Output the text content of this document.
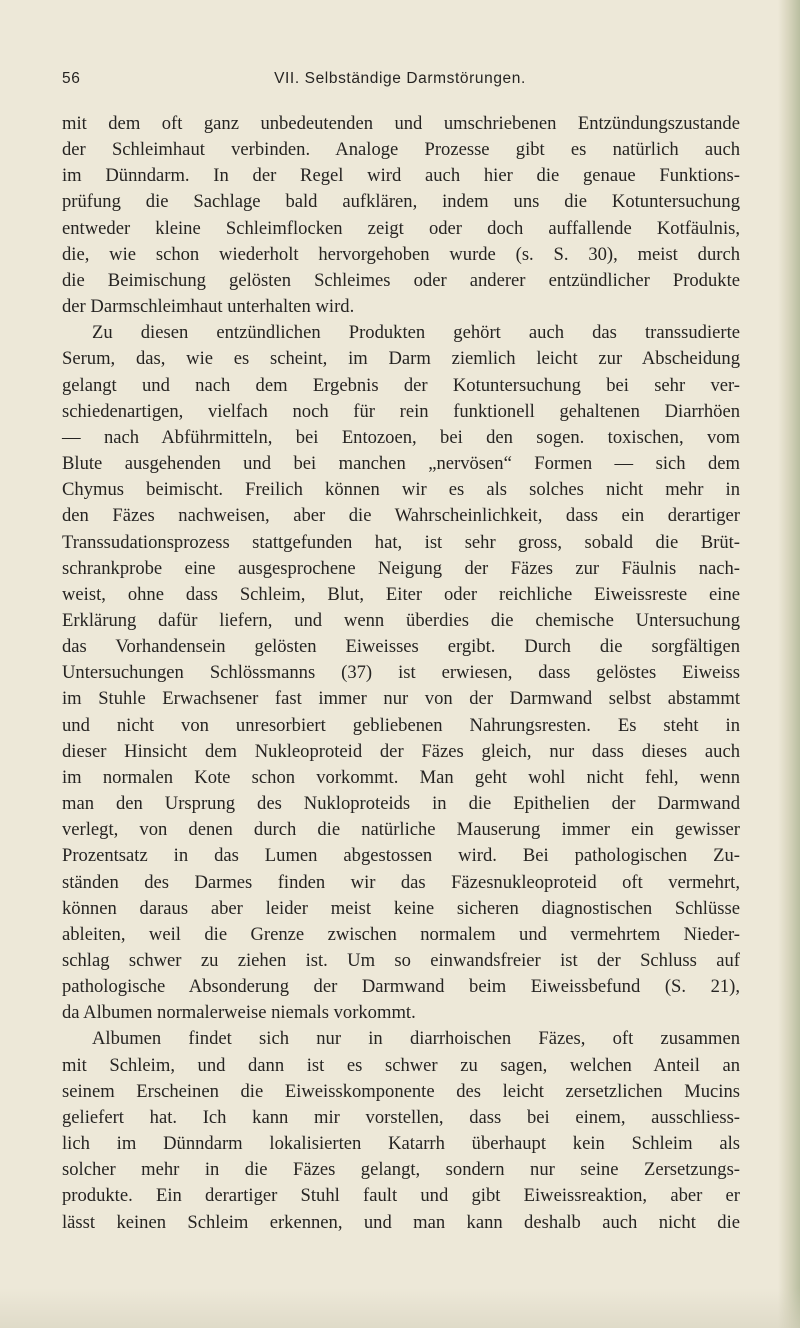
VII. Selbständige Darmstörungen.
56
mit dem oft ganz unbedeutenden und umschriebenen Entzündungszustande
der Schleimhaut verbinden. Analoge Prozesse gibt es natürlich auch
im Dünndarm. In der Regel wird auch hier die genaue Funktions-
prüfung die Sachlage bald aufklären, indem uns die Kotuntersuchung
entweder kleine Schleimflocken zeigt oder doch auffallende Kotfäulnis,
die, wie schon wiederholt hervorgehoben wurde (s. S. 30), meist durch
die Beimischung gelösten Schleimes oder anderer entzündlicher Produkte
der Darmschleimhaut unterhalten wird.
Zu diesen entzündlichen Produkten gehört auch das transsudierte
Serum, das, wie es scheint, im Darm ziemlich leicht zur Abscheidung
gelangt und nach dem Ergebnis der Kotuntersuchung bei sehr ver-
schiedenartigen, vielfach noch für rein funktionell gehaltenen Diarrhöen
— nach Abführmitteln, bei Entozoen, bei den sogen. toxischen, vom
Blute ausgehenden und bei manchen „nervösen“ Formen — sich dem
Chymus beimischt. Freilich können wir es als solches nicht mehr in
den Fäzes nachweisen, aber die Wahrscheinlichkeit, dass ein derartiger
Transsudationsprozess stattgefunden hat, ist sehr gross, sobald die Brüt-
schrankprobe eine ausgesprochene Neigung der Fäzes zur Fäulnis nach-
weist, ohne dass Schleim, Blut, Eiter oder reichliche Eiweissreste eine
Erklärung dafür liefern, und wenn überdies die chemische Untersuchung
das Vorhandensein gelösten Eiweisses ergibt. Durch die sorgfältigen
Untersuchungen Schlössmanns (37) ist erwiesen, dass gelöstes Eiweiss
im Stuhle Erwachsener fast immer nur von der Darmwand selbst abstammt
und nicht von unresorbiert gebliebenen Nahrungsresten. Es steht in
dieser Hinsicht dem Nukleoproteid der Fäzes gleich, nur dass dieses auch
im normalen Kote schon vorkommt. Man geht wohl nicht fehl, wenn
man den Ursprung des Nukloproteids in die Epithelien der Darmwand
verlegt, von denen durch die natürliche Mauserung immer ein gewisser
Prozentsatz in das Lumen abgestossen wird. Bei pathologischen Zu-
ständen des Darmes finden wir das Fäzesnukleoproteid oft vermehrt,
können daraus aber leider meist keine sicheren diagnostischen Schlüsse
ableiten, weil die Grenze zwischen normalem und vermehrtem Nieder-
schlag schwer zu ziehen ist. Um so einwandsfreier ist der Schluss auf
pathologische Absonderung der Darmwand beim Eiweissbefund (S. 21),
da Albumen normalerweise niemals vorkommt.
Albumen findet sich nur in diarrhoischen Fäzes, oft zusammen
mit Schleim, und dann ist es schwer zu sagen, welchen Anteil an
seinem Erscheinen die Eiweisskomponente des leicht zersetzlichen Mucins
geliefert hat. Ich kann mir vorstellen, dass bei einem, ausschliess-
lich im Dünndarm lokalisierten Katarrh überhaupt kein Schleim als
solcher mehr in die Fäzes gelangt, sondern nur seine Zersetzungs-
produkte. Ein derartiger Stuhl fault und gibt Eiweissreaktion, aber er
lässt keinen Schleim erkennen, und man kann deshalb auch nicht die
